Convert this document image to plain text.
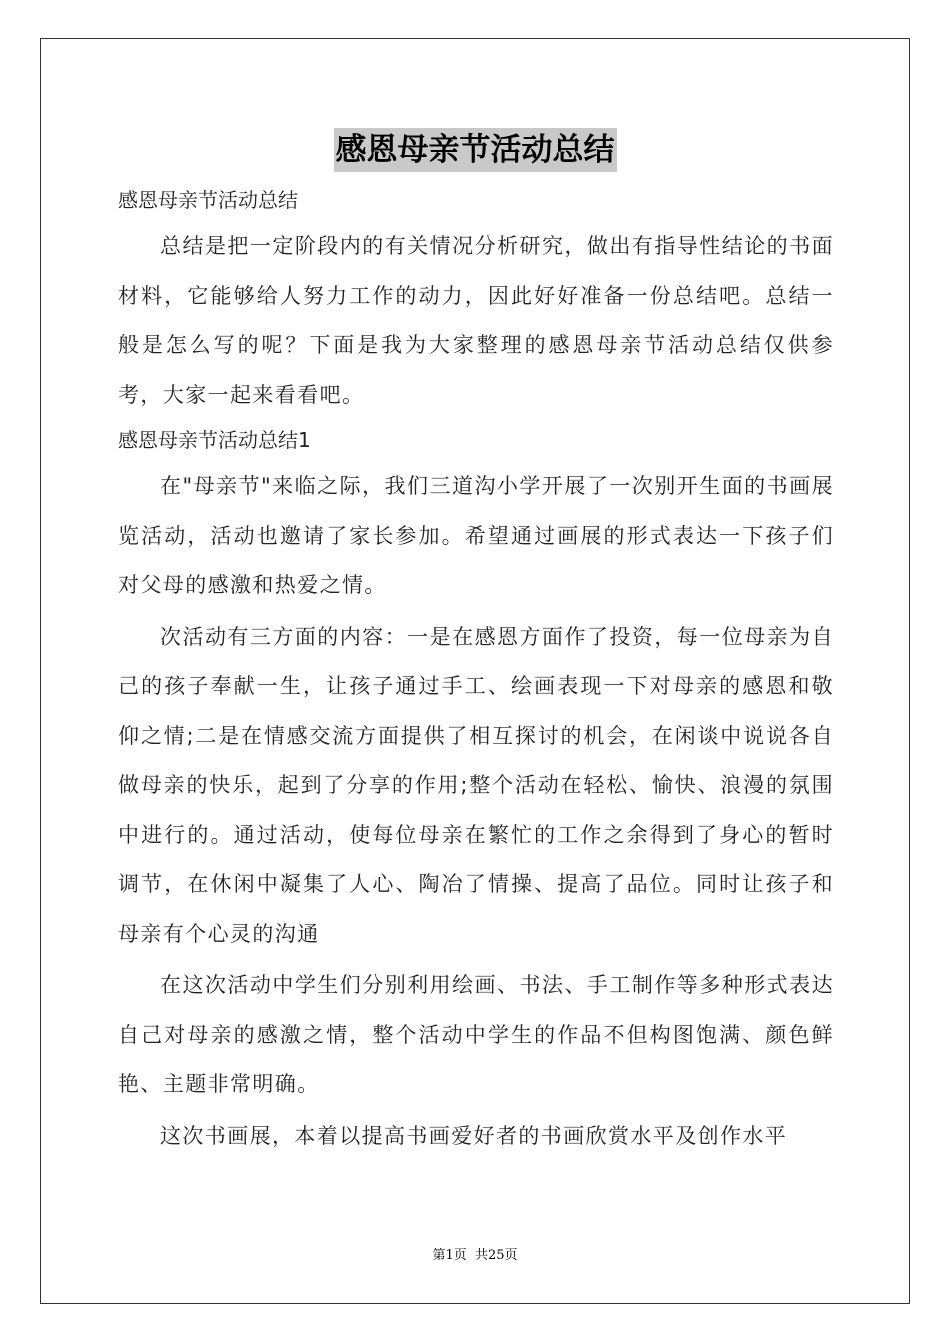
感恩母亲节活动总结
感恩母亲节活动总结

总结是把一定阶段内的有关情况分析研究，做出有指导性结论的书面材料，它能够给人努力工作的动力，因此好好准备一份总结吧。总结一般是怎么写的呢？下面是我为大家整理的感恩母亲节活动总结仅供参考，大家一起来看看吧。

感恩母亲节活动总结1

在"母亲节"来临之际，我们三道沟小学开展了一次别开生面的书画展览活动，活动也邀请了家长参加。希望通过画展的形式表达一下孩子们对父母的感激和热爱之情。

次活动有三方面的内容：一是在感恩方面作了投资，每一位母亲为自己的孩子奉献一生，让孩子通过手工、绘画表现一下对母亲的感恩和敬仰之情;二是在情感交流方面提供了相互探讨的机会，在闲谈中说说各自做母亲的快乐，起到了分享的作用;整个活动在轻松、愉快、浪漫的氛围中进行的。通过活动，使每位母亲在繁忙的工作之余得到了身心的暂时调节，在休闲中凝集了人心、陶冶了情操、提高了品位。同时让孩子和母亲有个心灵的沟通

在这次活动中学生们分别利用绘画、书法、手工制作等多种形式表达自己对母亲的感激之情，整个活动中学生的作品不但构图饱满、颜色鲜艳、主题非常明确。

这次书画展，本着以提高书画爱好者的书画欣赏水平及创作水平

第1页 共25页
